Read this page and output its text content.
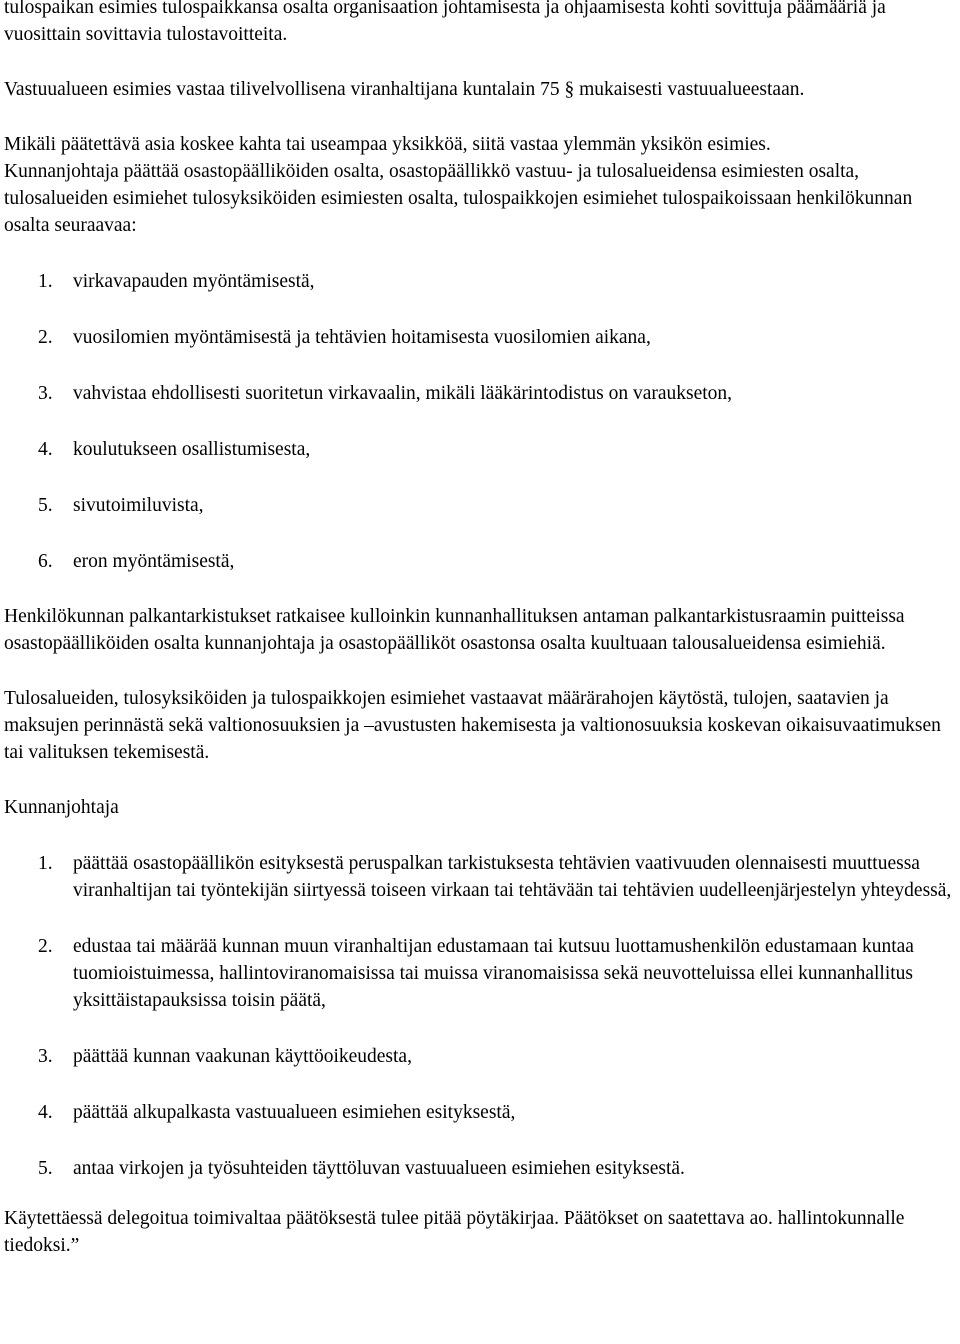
tulospaikan esimies tulospaikkansa osalta organisaation johtamisesta ja ohjaamisesta kohti sovittuja päämääriä ja vuosittain sovittavia tulostavoitteita.

Vastuualueen esimies vastaa tilivelvollisena viranhaltijana kuntalain 75 § mukaisesti vastuualueestaan.

Mikäli päätettävä asia koskee kahta tai useampaa yksikköä, siitä vastaa ylemmän yksikön esimies.

Kunnanjohtaja päättää osastopäälliköiden osalta, osastopäällikkö vastuu- ja tulosalueidensa esimiesten osalta, tulosalueiden esimiehet tulosyksiköiden esimiesten osalta, tulospaikkojen esimiehet tulospaikoissaan henkilökunnan osalta seuraavaa:

1. virkavapauden myöntämisestä,
2. vuosilomien myöntämisestä ja tehtävien hoitamisesta vuosilomien aikana,
3. vahvistaa ehdollisesti suoritetun virkavaalin, mikäli lääkärintodistus on varaukseton,
4. koulutukseen osallistumisesta,
5. sivutoimiluvista,
6. eron myöntämisestä,

Henkilökunnan palkantarkistukset ratkaisee kulloinkin kunnanhallituksen antaman palkantarkistusraamin puitteissa osastopäälliköiden osalta kunnanjohtaja ja osastopäälliköt osastonsa osalta kuultuaan talousalueidensa esimiehiä.

Tulosalueiden, tulosyksiköiden ja tulospaikkojen esimiehet vastaavat määrärahojen käytöstä, tulojen, saatavien ja maksujen perinnästä sekä valtionosuuksien ja –avustusten hakemisesta ja valtionosuuksia koskevan oikaisuvaatimuksen tai valituksen tekemisestä.

Kunnanjohtaja

1. päättää osastopäällikön esityksestä peruspalkan tarkistuksesta tehtävien vaativuuden olennaisesti muuttuessa viranhaltijan tai työntekijän siirtyessä toiseen virkaan tai tehtävään tai tehtävien uudelleenjärjestelyn yhteydessä,
2. edustaa tai määrää kunnan muun viranhaltijan edustamaan tai kutsuu luottamushenkilön edustamaan kuntaa tuomioistuimessa, hallintoviranomaisissa tai muissa viranomaisissa sekä neuvotteluissa ellei kunnanhallitus yksittäistapauksissa toisin päätä,
3. päättää kunnan vaakunan käyttöoikeudesta,
4. päättää alkupalkasta vastuualueen esimiehen esityksestä,
5. antaa virkojen ja työsuhteiden täyttöluvan vastuualueen esimiehen esityksestä.

Käytettäessä delegoitua toimivaltaa päätöksestä tulee pitää pöytäkirjaa. Päätökset on saatettava ao. hallintokunnalle tiedoksi.”
